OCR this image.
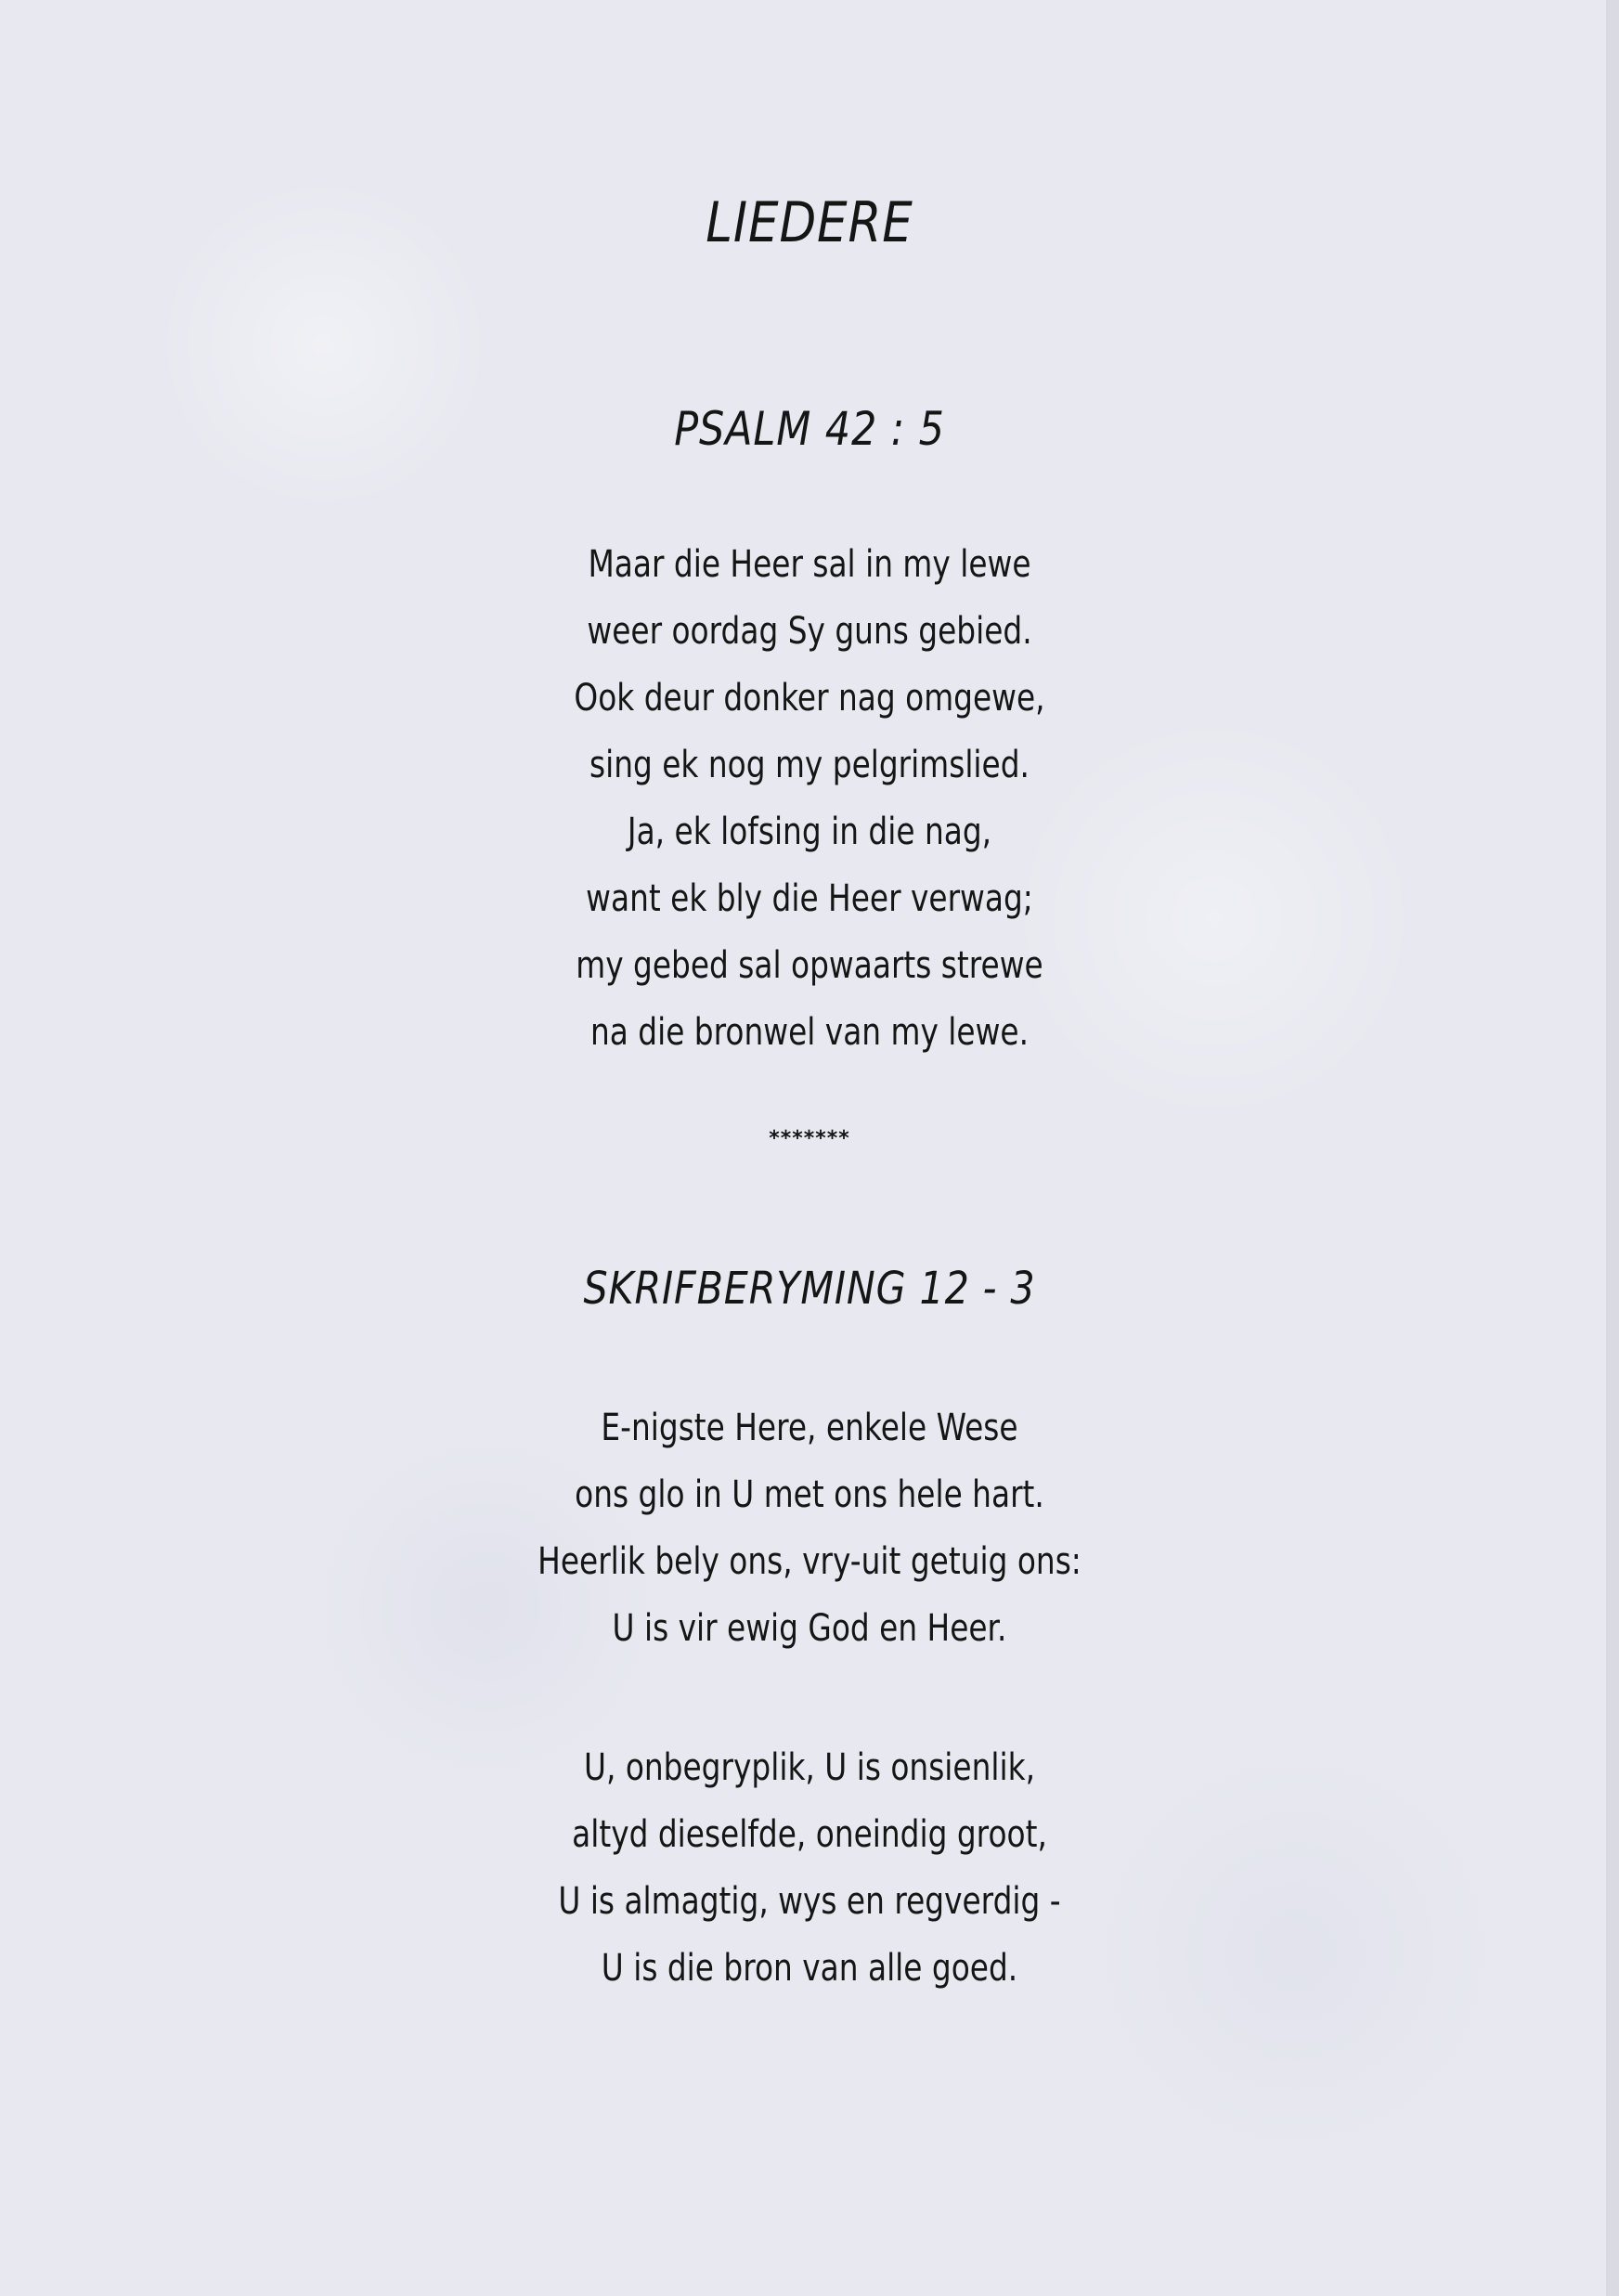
LIEDERE
PSALM 42 : 5
Maar die Heer sal in my lewe
weer oordag Sy guns gebied.
Ook deur donker nag omgewe,
sing ek nog my pelgrimslied.
Ja, ek lofsing in die nag,
want ek bly die Heer verwag;
my gebed sal opwaarts strewe
na die bronwel van my lewe.
*******
SKRIFBERYMING 12 - 3
E-nigste Here, enkele Wese
ons glo in U met ons hele hart.
Heerlik bely ons, vry-uit getuig ons:
U is vir ewig God en Heer.
U, onbegryplik, U is onsienlik,
altyd dieselfde, oneindig groot,
U is almagtig, wys en regverdig -
U is die bron van alle goed.
